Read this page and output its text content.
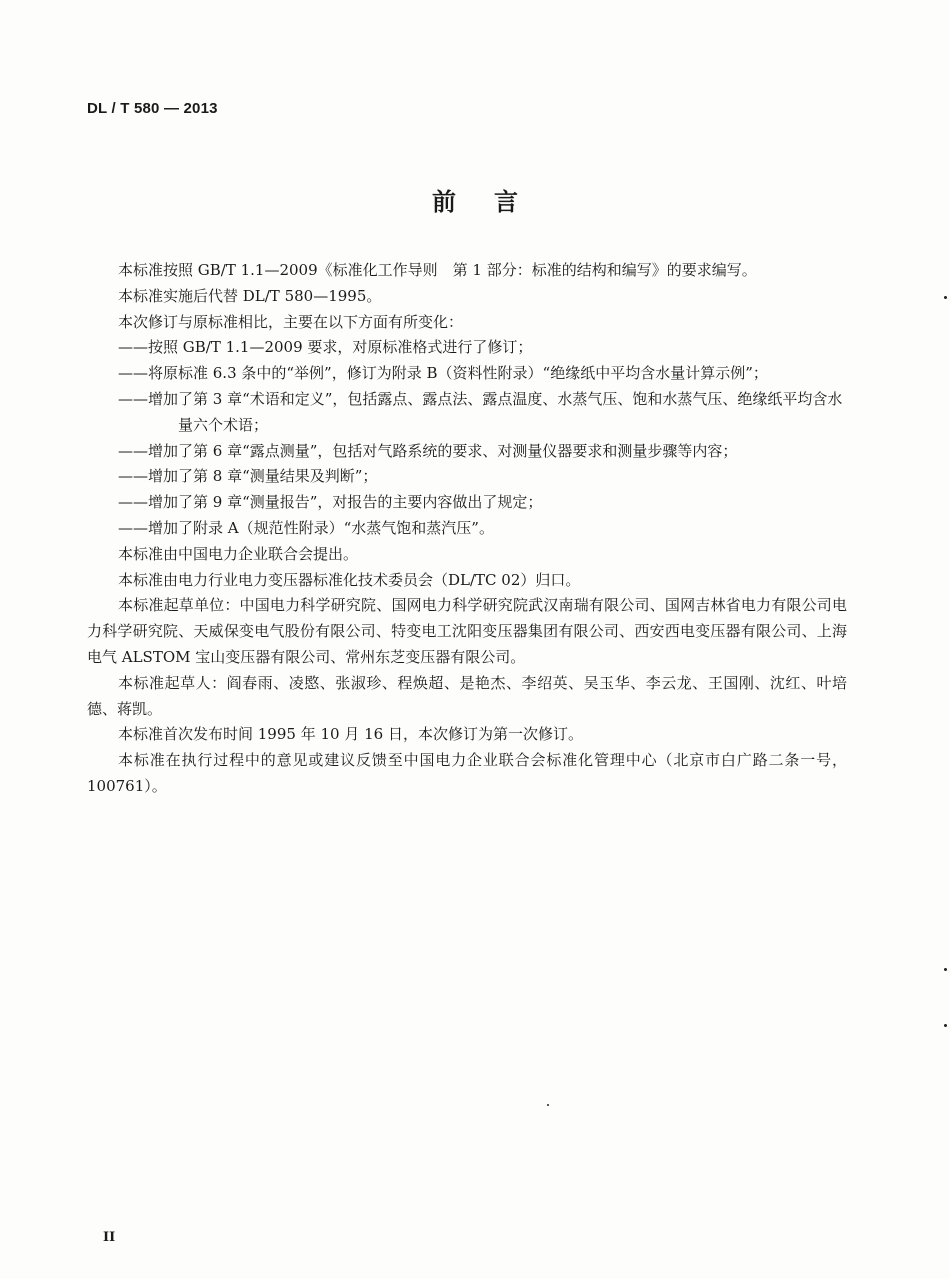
DL / T 580 — 2013
前言

本标准按照 GB/T 1.1—2009《标准化工作导则　第 1 部分：标准的结构和编写》的要求编写。

本标准实施后代替 DL/T 580—1995。

本次修订与原标准相比，主要在以下方面有所变化：

——按照 GB/T 1.1—2009 要求，对原标准格式进行了修订；

——将原标准 6.3 条中的“举例”，修订为附录 B（资料性附录）“绝缘纸中平均含水量计算示例”；

——增加了第 3 章“术语和定义”，包括露点、露点法、露点温度、水蒸气压、饱和水蒸气压、绝缘纸平均含水量六个术语；

——增加了第 6 章“露点测量”，包括对气路系统的要求、对测量仪器要求和测量步骤等内容；

——增加了第 8 章“测量结果及判断”；

——增加了第 9 章“测量报告”，对报告的主要内容做出了规定；

——增加了附录 A（规范性附录）“水蒸气饱和蒸汽压”。

本标准由中国电力企业联合会提出。

本标准由电力行业电力变压器标准化技术委员会（DL/TC 02）归口。

本标准起草单位：中国电力科学研究院、国网电力科学研究院武汉南瑞有限公司、国网吉林省电力有限公司电力科学研究院、天威保变电气股份有限公司、特变电工沈阳变压器集团有限公司、西安西电变压器有限公司、上海电气 ALSTOM 宝山变压器有限公司、常州东芝变压器有限公司。

本标准起草人：阎春雨、凌愍、张淑珍、程焕超、是艳杰、李绍英、吴玉华、李云龙、王国刚、沈红、叶培德、蒋凯。

本标准首次发布时间 1995 年 10 月 16 日，本次修订为第一次修订。

本标准在执行过程中的意见或建议反馈至中国电力企业联合会标准化管理中心（北京市白广路二条一号，100761）。

II
